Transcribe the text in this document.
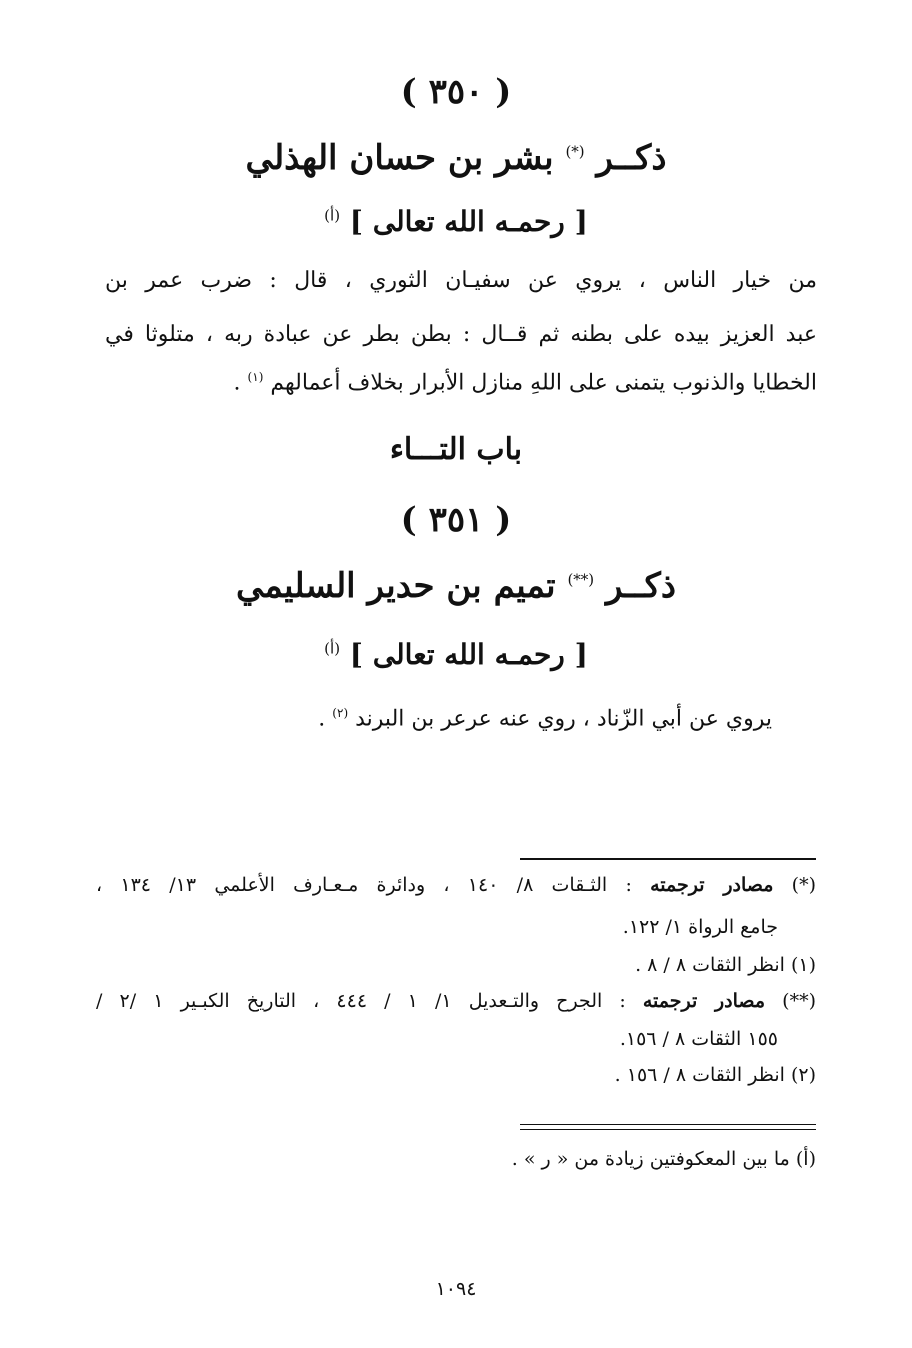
( ٣٥٠ )
ذكــر (*) بشر بن حسان الهذلي
[ رحمـه الله تعالى ] $^{(أ)}$
من خيار الناس ، يروي عن سفيـان الثوري ، قال : ضرب عمر بن
عبد العزيز بيده على بطنه ثم قــال : بطن بطر عن عبادة ربه ، متلوثا في
الخطايا والذنوب يتمنى على اللهِ منازل الأبرار بخلاف أعمالهم $^{(١)}$ .
باب التـــاء
( ٣٥١ )
ذكــر (**) تميم بن حدير السليمي
[ رحمـه الله تعالى ] $^{(أ)}$
يروي عن أبي الزّناد ، روي عنه عرعر بن البرند $^{(٢)}$ .
(*) مصادر ترجمته : الثـقات ٨/ ١٤٠ ، ودائرة مـعـارف الأعلمي ١٣/ ١٣٤ ،
جامع الرواة ١/ ١٢٢.
(١) انظر الثقات ٨ / ٨ .
(**) مصادر ترجمته : الجرح والتـعديل ١/ ١ / ٤٤٤ ، التاريخ الكبـير ١ /٢ /
١٥٥ الثقات ٨ / ١٥٦.
(٢) انظر الثقات ٨ / ١٥٦ .
(أ) ما بين المعكوفتين زيادة من « ر » .
١٠٩٤
